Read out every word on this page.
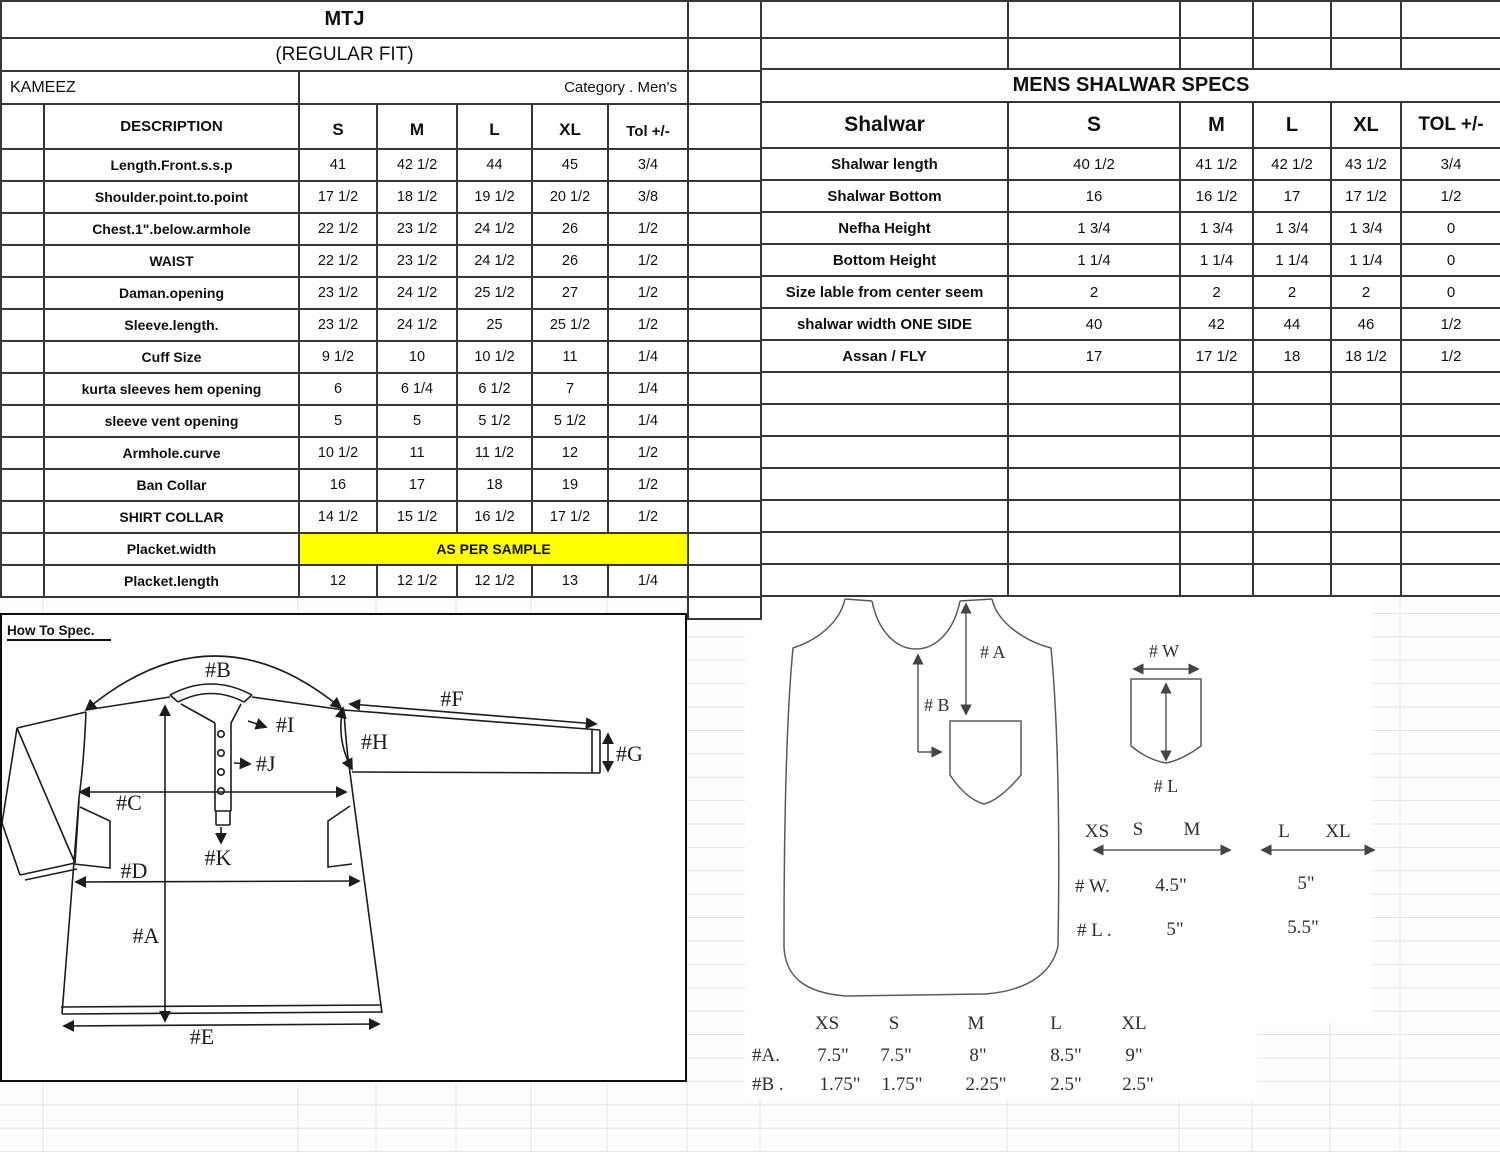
MTJ						
(REGULAR FIT)						
KAMEEZ		Category . Men's				
	DESCRIPTION	S	M	L	XL	Tol +/-
	Length.Front.s.s.p	41	42 1/2	44	45	3/4
	Shoulder.point.to.point	17 1/2	18 1/2	19 1/2	20 1/2	3/8
	Chest.1".below.armhole	22 1/2	23 1/2	24 1/2	26	1/2
	WAIST	22 1/2	23 1/2	24 1/2	26	1/2
	Daman.opening	23 1/2	24 1/2	25 1/2	27	1/2
	Sleeve.length.	23 1/2	24 1/2	25	25 1/2	1/2
	Cuff Size	9 1/2	10	10 1/2	11	1/4
	kurta sleeves hem opening	6	6 1/4	6 1/2	7	1/4
	sleeve vent opening	5	5	5 1/2	5 1/2	1/4
	Armhole.curve	10 1/2	11	11 1/2	12	1/2
	Ban Collar	16	17	18	19	1/2
	SHIRT COLLAR	14 1/2	15 1/2	16 1/2	17 1/2	1/2
	Placket.width	AS PER SAMPLE				
	Placket.length	12	12 1/2	12 1/2	13	1/4

MENS SHALWAR SPECS					
Shalwar	S	M	L	XL	TOL +/-
Shalwar length	40 1/2	41 1/2	42 1/2	43 1/2	3/4
Shalwar Bottom	16	16 1/2	17	17 1/2	1/2
Nefha Height	1 3/4	1 3/4	1 3/4	1 3/4	0
Bottom Height	1 1/4	1 1/4	1 1/4	1 1/4	0
Size lable from center seem	2	2	2	2	0
shalwar width ONE SIDE	40	42	44	46	1/2
Assan / FLY	17	17 1/2	18	18 1/2	1/2

How To Spec.
#B
#I
#F
#H	#G
#J
#C
#K
#D
#A
#E
# A
# B
# W
# L
XS S M	L XL
# W. 4.5"	5"
# L .	5"	5.5"
XS	S	M	L	XL
#A. 7.5" 7.5"	8"	8.5" 9"
#B . 1.75" 1.75" 2.25" 2.5" 2.5"
